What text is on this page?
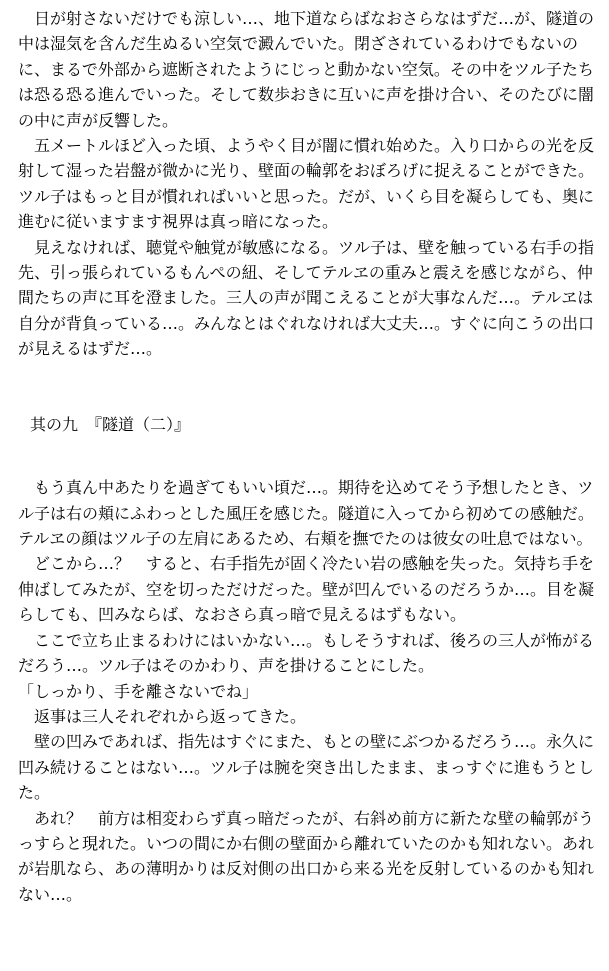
日が射さないだけでも涼しい…、地下道ならばなおさらなはずだ…が、隧道の中は湿気を含んだ生ぬるい空気で澱んでいた。閉ざされているわけでもないのに、まるで外部から遮断されたようにじっと動かない空気。その中をツル子たちは恐る恐る進んでいった。そして数歩おきに互いに声を掛け合い、そのたびに闇の中に声が反響した。

五メートルほど入った頃、ようやく目が闇に慣れ始めた。入り口からの光を反射して湿った岩盤が微かに光り、壁面の輪郭をおぼろげに捉えることができた。ツル子はもっと目が慣れればいいと思った。だが、いくら目を凝らしても、奥に進むに従いますます視界は真っ暗になった。

見えなければ、聴覚や触覚が敏感になる。ツル子は、壁を触っている右手の指先、引っ張られているもんぺの紐、そしてテルヱの重みと震えを感じながら、仲間たちの声に耳を澄ました。三人の声が聞こえることが大事なんだ…。テルヱは自分が背負っている…。みんなとはぐれなければ大丈夫…。すぐに向こうの出口が見えるはずだ…。

其の九　『隧道（二）』

もう真ん中あたりを過ぎてもいい頃だ…。期待を込めてそう予想したとき、ツル子は右の頬にふわっとした風圧を感じた。隧道に入ってから初めての感触だ。テルヱの顔はツル子の左肩にあるため、右頬を撫でたのは彼女の吐息ではない。

どこから…？　すると、右手指先が固く冷たい岩の感触を失った。気持ち手を伸ばしてみたが、空を切っただけだった。壁が凹んでいるのだろうか…。目を凝らしても、凹みならば、なおさら真っ暗で見えるはずもない。

ここで立ち止まるわけにはいかない…。もしそうすれば、後ろの三人が怖がるだろう…。ツル子はそのかわり、声を掛けることにした。

「しっかり、手を離さないでね」

返事は三人それぞれから返ってきた。

壁の凹みであれば、指先はすぐにまた、もとの壁にぶつかるだろう…。永久に凹み続けることはない…。ツル子は腕を突き出したまま、まっすぐに進もうとした。

あれ？　前方は相変わらず真っ暗だったが、右斜め前方に新たな壁の輪郭がうっすらと現れた。いつの間にか右側の壁面から離れていたのかも知れない。あれが岩肌なら、あの薄明かりは反対側の出口から来る光を反射しているのかも知れない…。
